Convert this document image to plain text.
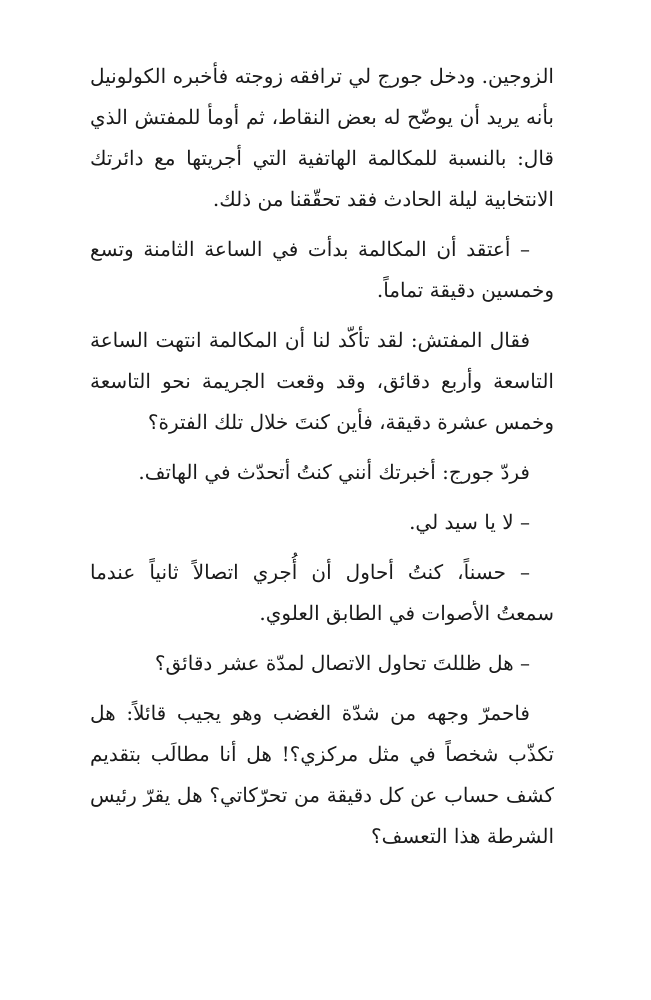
الزوجين. ودخل جورج لي ترافقه زوجته فأخبره الكولونيل بأنه يريد أن يوضّح له بعض النقاط، ثم أومأ للمفتش الذي قال: بالنسبة للمكالمة الهاتفية التي أجريتها مع دائرتك الانتخابية ليلة الحادث فقد تحقّقنا من ذلك.

– أعتقد أن المكالمة بدأت في الساعة الثامنة وتسع وخمسين دقيقة تماماً.

فقال المفتش: لقد تأكّد لنا أن المكالمة انتهت الساعة التاسعة وأربع دقائق، وقد وقعت الجريمة نحو التاسعة وخمس عشرة دقيقة، فأين كنتَ خلال تلك الفترة؟

فردّ جورج: أخبرتك أنني كنتُ أتحدّث في الهاتف.

– لا يا سيد لي.

– حسناً، كنتُ أحاول أن أُجري اتصالاً ثانياً عندما سمعتُ الأصوات في الطابق العلوي.

– هل ظللتَ تحاول الاتصال لمدّة عشر دقائق؟

فاحمرّ وجهه من شدّة الغضب وهو يجيب قائلاً: هل تكذّب شخصاً في مثل مركزي؟! هل أنا مطالَب بتقديم كشف حساب عن كل دقيقة من تحرّكاتي؟ هل يقرّ رئيس الشرطة هذا التعسف؟
